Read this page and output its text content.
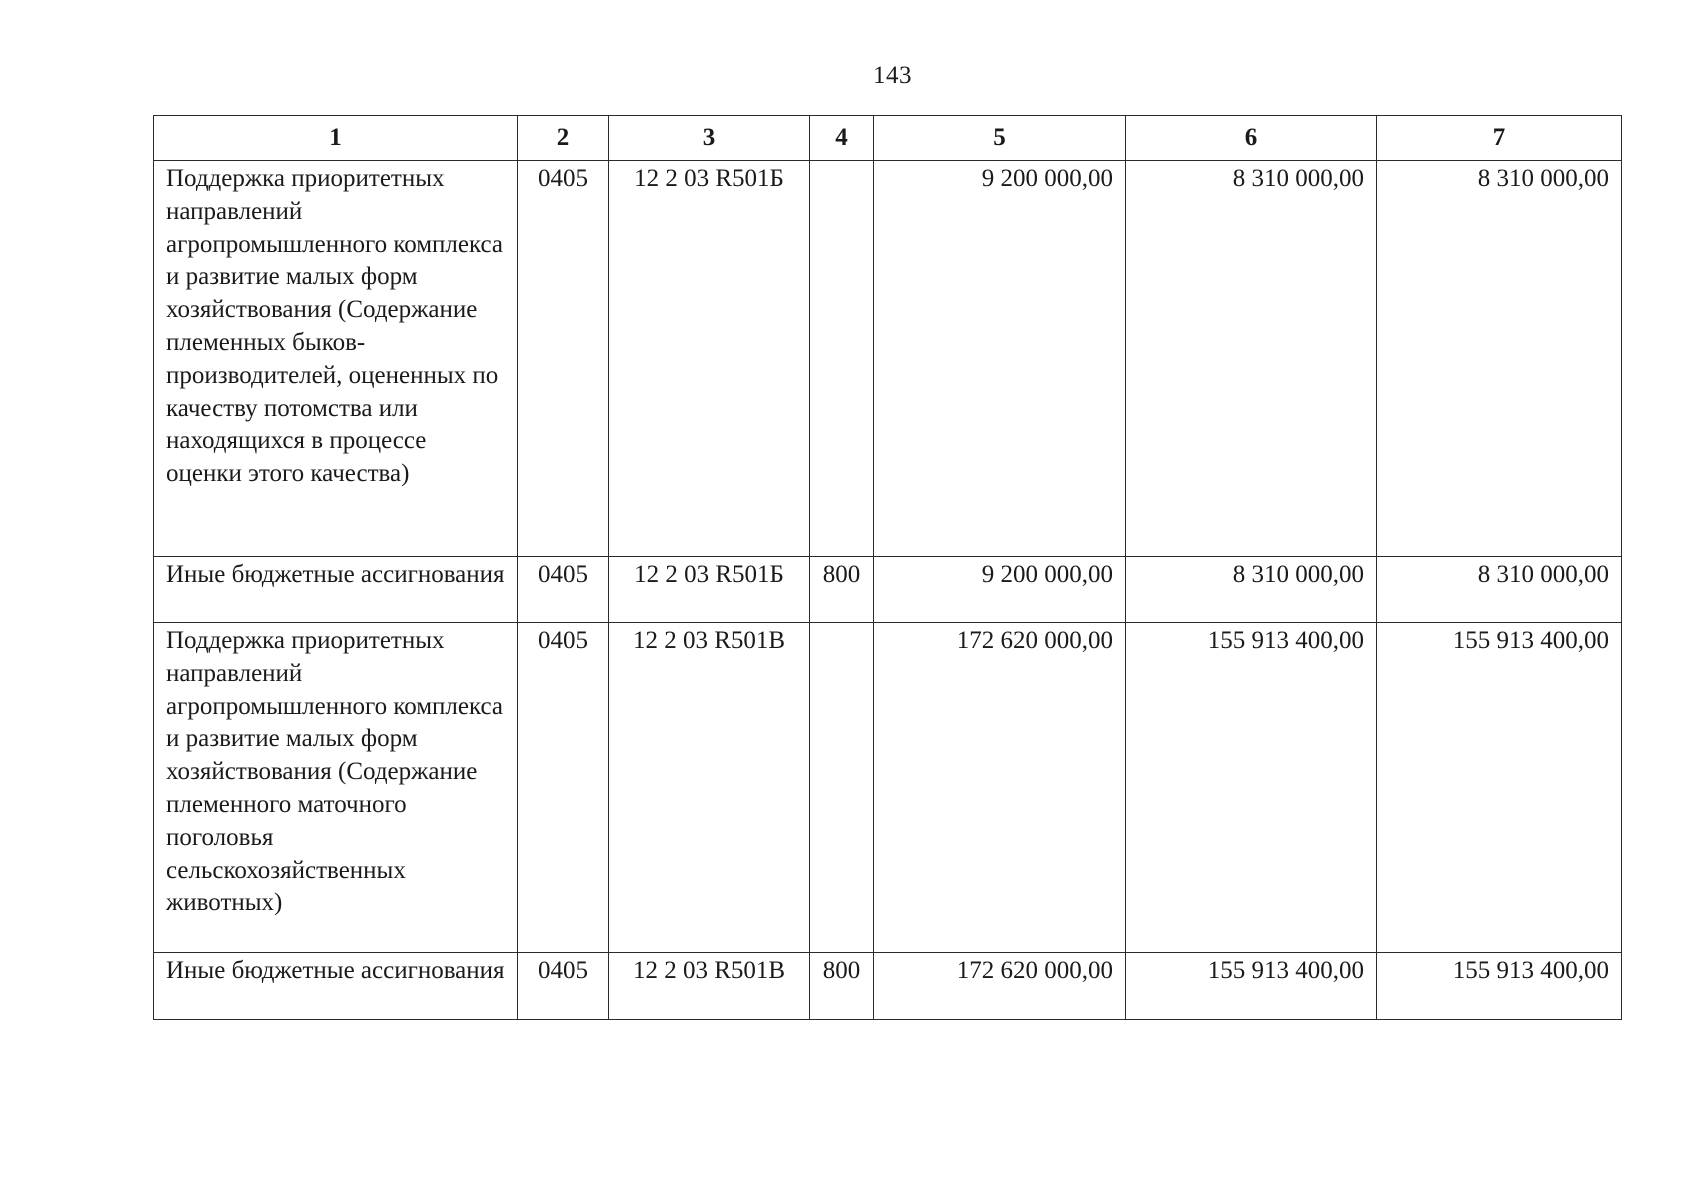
143
1	2	3	4	5	6	7
Поддержка приоритетных направлений агропромышленного комплекса и развитие малых форм хозяйствования (Содержание племенных быков-производителей, оцененных по качеству потомства или находящихся в процессе оценки этого качества)	0405	12 2 03 R501Б		9 200 000,00	8 310 000,00	8 310 000,00
Иные бюджетные ассигнования	0405	12 2 03 R501Б	800	9 200 000,00	8 310 000,00	8 310 000,00
Поддержка приоритетных направлений агропромышленного комплекса и развитие малых форм хозяйствования (Содержание племенного маточного поголовья сельскохозяйственных животных)	0405	12 2 03 R501В		172 620 000,00	155 913 400,00	155 913 400,00
Иные бюджетные ассигнования	0405	12 2 03 R501В	800	172 620 000,00	155 913 400,00	155 913 400,00
